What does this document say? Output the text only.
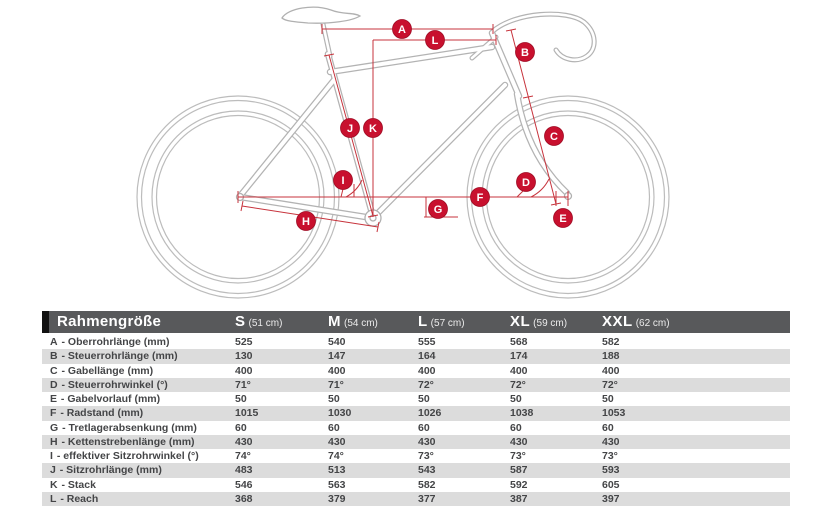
A
L
B
C
D
E
F
G
H
I
J K
Rahmengröße	S (51 cm)	M (54 cm)	L (57 cm)	XL (59 cm) XXL (62 cm)
A - Oberrohrlänge (mm)	525	540	555	568	582
B - Steuerrohrlänge (mm)	130	147	164	174	188
C - Gabellänge (mm)	400	400	400	400	400
D - Steuerrohrwinkel (°)	71°	71°	72°	72°	72°
E - Gabelvorlauf (mm)	50	50	50	50	50
F - Radstand (mm)	1015	1030	1026	1038	1053
G - Tretlagerabsenkung (mm)	60	60	60	60	60
H - Kettenstrebenlänge (mm)	430	430	430	430	430
I - effektiver Sitzrohrwinkel (°)	74°	74°	73°	73°	73°
J - Sitzrohrlänge (mm)	483	513	543	587	593
K - Stack	546	563	582	592	605
L - Reach	368	379	377	387	397
